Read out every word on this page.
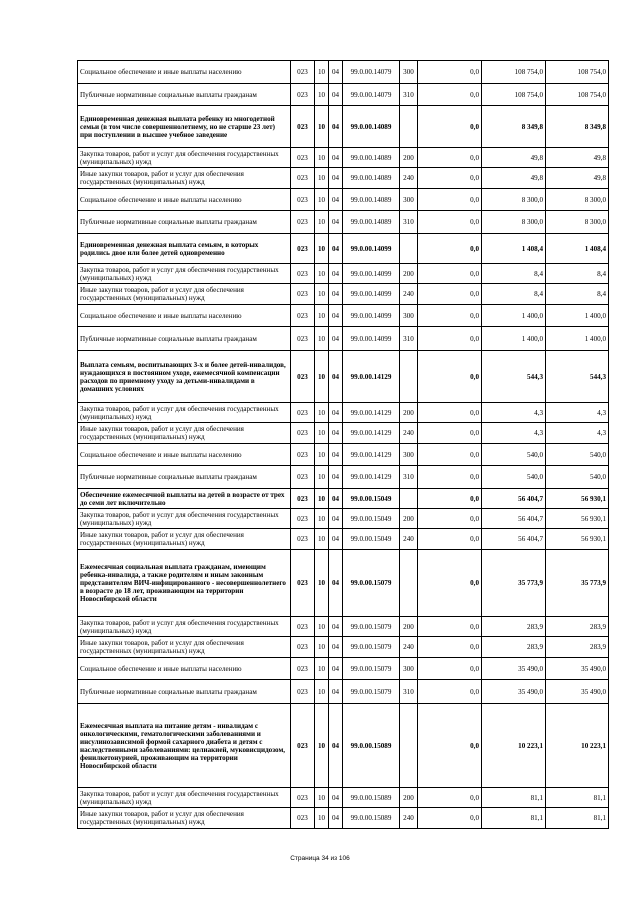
Социальное обеспечение и иные выплаты населению	023	10	04	99.0.00.14079	300	0,0	108 754,0	108 754,0
Публичные нормативные социальные выплаты гражданам	023	10	04	99.0.00.14079	310	0,0	108 754,0	108 754,0
Единовременная денежная выплата ребенку из многодетной семьи (в том числе совершеннолетнему, но не старше 23 лет) при поступлении в высшее учебное заведение	023	10	04	99.0.00.14089		0,0	8 349,8	8 349,8
Закупка товаров, работ и услуг для обеспечения государственных (муниципальных) нужд	023	10	04	99.0.00.14089	200	0,0	49,8	49,8
Иные закупки товаров, работ и услуг для обеспечения государственных (муниципальных) нужд	023	10	04	99.0.00.14089	240	0,0	49,8	49,8
Социальное обеспечение и иные выплаты населению	023	10	04	99.0.00.14089	300	0,0	8 300,0	8 300,0
Публичные нормативные социальные выплаты гражданам	023	10	04	99.0.00.14089	310	0,0	8 300,0	8 300,0
Единовременная денежная выплата семьям, в которых родились двое или более детей одновременно	023	10	04	99.0.00.14099		0,0	1 408,4	1 408,4
Закупка товаров, работ и услуг для обеспечения государственных (муниципальных) нужд	023	10	04	99.0.00.14099	200	0,0	8,4	8,4
Иные закупки товаров, работ и услуг для обеспечения государственных (муниципальных) нужд	023	10	04	99.0.00.14099	240	0,0	8,4	8,4
Социальное обеспечение и иные выплаты населению	023	10	04	99.0.00.14099	300	0,0	1 400,0	1 400,0
Публичные нормативные социальные выплаты гражданам	023	10	04	99.0.00.14099	310	0,0	1 400,0	1 400,0
Выплата семьям, воспитывающих 3-х и более детей-инвалидов, нуждающихся в постоянном уходе, ежемесячной компенсации расходов по приемному уходу за детьми-инвалидами в домашних условиях	023	10	04	99.0.00.14129		0,0	544,3	544,3
Закупка товаров, работ и услуг для обеспечения государственных (муниципальных) нужд	023	10	04	99.0.00.14129	200	0,0	4,3	4,3
Иные закупки товаров, работ и услуг для обеспечения государственных (муниципальных) нужд	023	10	04	99.0.00.14129	240	0,0	4,3	4,3
Социальное обеспечение и иные выплаты населению	023	10	04	99.0.00.14129	300	0,0	540,0	540,0
Публичные нормативные социальные выплаты гражданам	023	10	04	99.0.00.14129	310	0,0	540,0	540,0
Обеспечение ежемесячной выплаты на детей в возрасте от трех до семи лет включительно	023	10	04	99.0.00.15049		0,0	56 404,7	56 930,1
Закупка товаров, работ и услуг для обеспечения государственных (муниципальных) нужд	023	10	04	99.0.00.15049	200	0,0	56 404,7	56 930,1
Иные закупки товаров, работ и услуг для обеспечения государственных (муниципальных) нужд	023	10	04	99.0.00.15049	240	0,0	56 404,7	56 930,1
Ежемесячная социальная выплата гражданам, имеющим ребенка-инвалида, а также родителям и иным законным представителям ВИЧ-инфицированного - несовершеннолетнего в возрасте до 18 лет, проживающим на территории Новосибирской области	023	10	04	99.0.00.15079		0,0	35 773,9	35 773,9
Закупка товаров, работ и услуг для обеспечения государственных (муниципальных) нужд	023	10	04	99.0.00.15079	200	0,0	283,9	283,9
Иные закупки товаров, работ и услуг для обеспечения государственных (муниципальных) нужд	023	10	04	99.0.00.15079	240	0,0	283,9	283,9
Социальное обеспечение и иные выплаты населению	023	10	04	99.0.00.15079	300	0,0	35 490,0	35 490,0
Публичные нормативные социальные выплаты гражданам	023	10	04	99.0.00.15079	310	0,0	35 490,0	35 490,0
Ежемесячная выплата на питание детям - инвалидам с онкологическими, гематологическими заболеваниями и инсулинозависимой формой сахарного диабета и детям с наследственными заболеваниями: целиакией, муковисцидозом, фенилкетонурией, проживающим на территории Новосибирской области	023	10	04	99.0.00.15089		0,0	10 223,1	10 223,1
Закупка товаров, работ и услуг для обеспечения государственных (муниципальных) нужд	023	10	04	99.0.00.15089	200	0,0	81,1	81,1
Иные закупки товаров, работ и услуг для обеспечения государственных (муниципальных) нужд	023	10	04	99.0.00.15089	240	0,0	81,1	81,1
Страница 34 из 106
